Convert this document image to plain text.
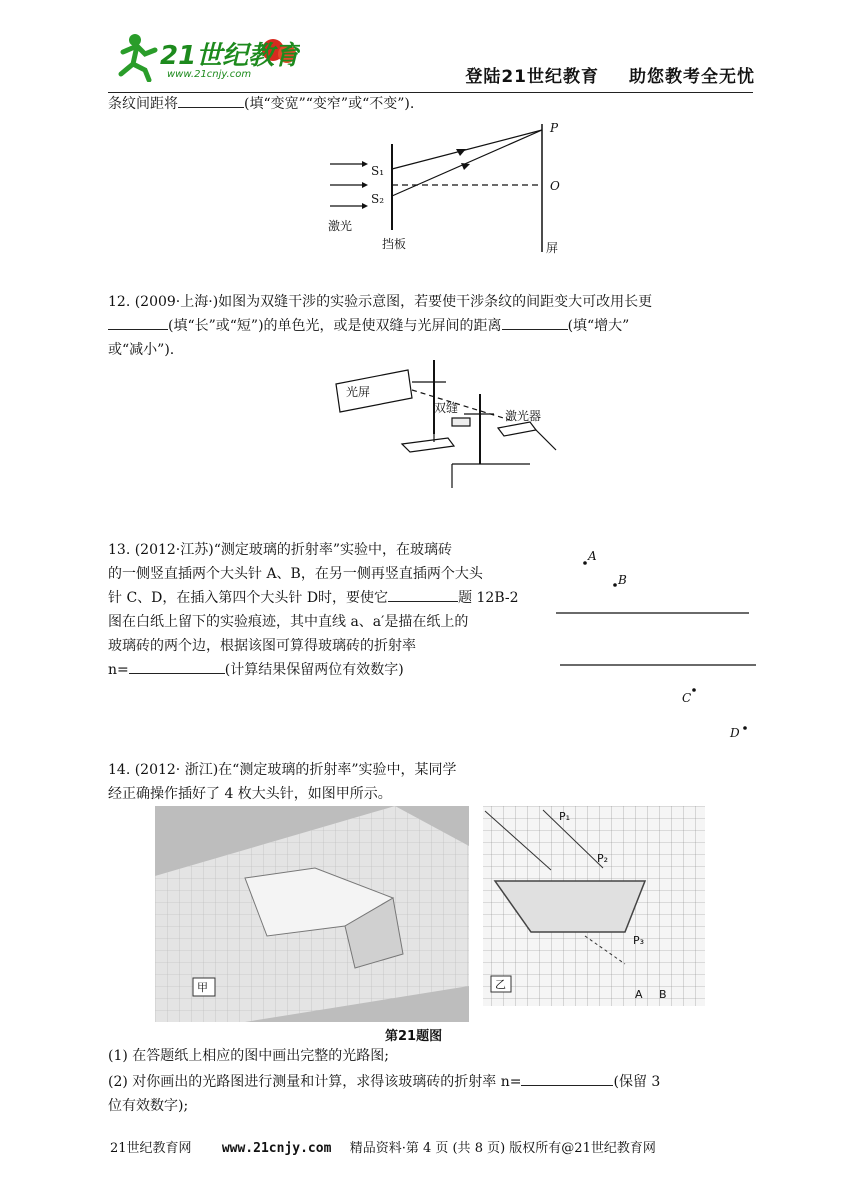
21世纪教育
www.21cnjy.com	登陆21世纪教育 助您教考全无忧
条纹间距将	(填“变宽”“变窄”或“不变”).
S₁
S₂
P
O
激光
挡板	屏
12. (2009·上海·)如图为双缝干涉的实验示意图，若要使干涉条纹的间距变大可改用长更
(填“长”或“短”)的单色光，或是使双缝与光屏间的距离	(填“增大”
或“减小”).
光屏
双缝
激光器
13. (2012·江苏)“测定玻璃的折射率”实验中，在玻璃砖
的一侧竖直插两个大头针 A、B，在另一侧再竖直插两个大头
针 C、D，在插入第四个大头针 D时，要使它	题 12B-2
图在白纸上留下的实验痕迹，其中直线 a、a′是描在纸上的
玻璃砖的两个边，根据该图可算得玻璃砖的折射率
n=	(计算结果保留两位有效数字)
A
B
C
D
14. (2012· 浙江)在“测定玻璃的折射率”实验中，某同学
经正确操作插好了 4 枚大头针，如图甲所示。
甲
P₁
P₂
P₃
A B
乙
第21题图
(1) 在答题纸上相应的图中画出完整的光路图;
(2) 对你画出的光路图进行测量和计算，求得该玻璃砖的折射率 n=	(保留 3
位有效数字);
21世纪教育网 www.21cnjy.com 精品资料·第 4 页 (共 8 页) 版权所有@21世纪教育网
